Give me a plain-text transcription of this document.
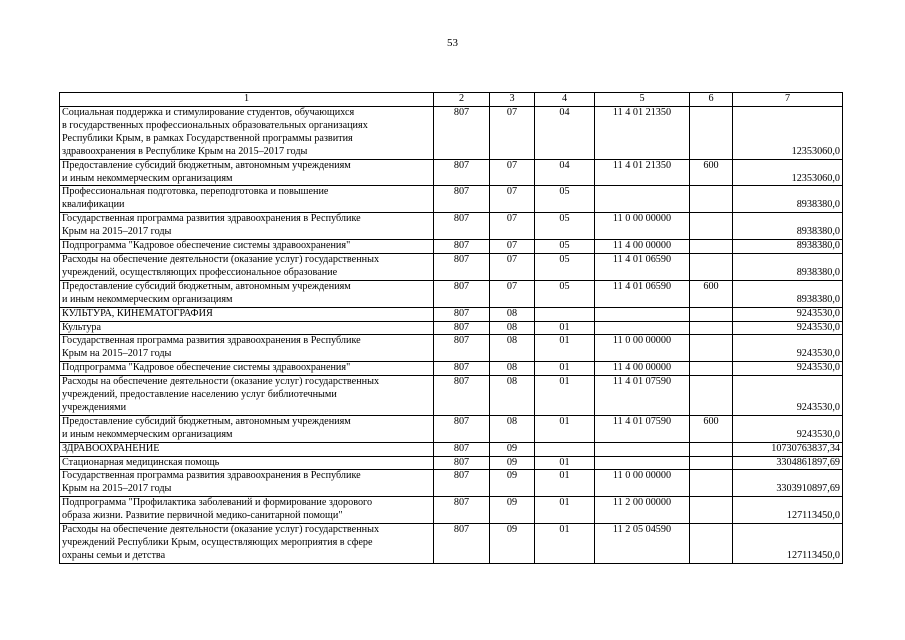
53
1	2	3	4	5	6	7
Социальная поддержка и стимулирование студентов, обучающихся
в государственных профессиональных образовательных организациях
Республики Крым, в рамках Государственной программы развития
здравоохранения в Республике Крым на 2015–2017 годы	807	07	04	11 4 01 21350		12353060,0
Предоставление субсидий бюджетным, автономным учреждениям
и иным некоммерческим организациям	807	07	04	11 4 01 21350	600	12353060,0
Профессиональная подготовка, переподготовка и повышение
квалификации	807	07	05			8938380,0
Государственная программа развития здравоохранения в Республике
Крым на 2015–2017 годы	807	07	05	11 0 00 00000		8938380,0
Подпрограмма "Кадровое обеспечение системы здравоохранения"	807	07	05	11 4 00 00000		8938380,0
Расходы на обеспечение деятельности (оказание услуг) государственных
учреждений, осуществляющих профессиональное образование	807	07	05	11 4 01 06590		8938380,0
Предоставление субсидий бюджетным, автономным учреждениям
и иным некоммерческим организациям	807	07	05	11 4 01 06590	600	8938380,0
КУЛЬТУРА, КИНЕМАТОГРАФИЯ	807	08				9243530,0
Культура	807	08	01			9243530,0
Государственная программа развития здравоохранения в Республике
Крым на 2015–2017 годы	807	08	01	11 0 00 00000		9243530,0
Подпрограмма "Кадровое обеспечение системы здравоохранения"	807	08	01	11 4 00 00000		9243530,0
Расходы на обеспечение деятельности (оказание услуг) государственных
учреждений, предоставление населению услуг библиотечными
учреждениями	807	08	01	11 4 01 07590		9243530,0
Предоставление субсидий бюджетным, автономным учреждениям
и иным некоммерческим организациям	807	08	01	11 4 01 07590	600	9243530,0
ЗДРАВООХРАНЕНИЕ	807	09				10730763837,34
Стационарная медицинская помощь	807	09	01			3304861897,69
Государственная программа развития здравоохранения в Республике
Крым на 2015–2017 годы	807	09	01	11 0 00 00000		3303910897,69
Подпрограмма "Профилактика заболеваний и формирование здорового
образа жизни. Развитие первичной медико-санитарной помощи"	807	09	01	11 2 00 00000		127113450,0
Расходы на обеспечение деятельности (оказание услуг) государственных
учреждений Республики Крым, осуществляющих мероприятия в сфере
охраны семьи и детства	807	09	01	11 2 05 04590		127113450,0
